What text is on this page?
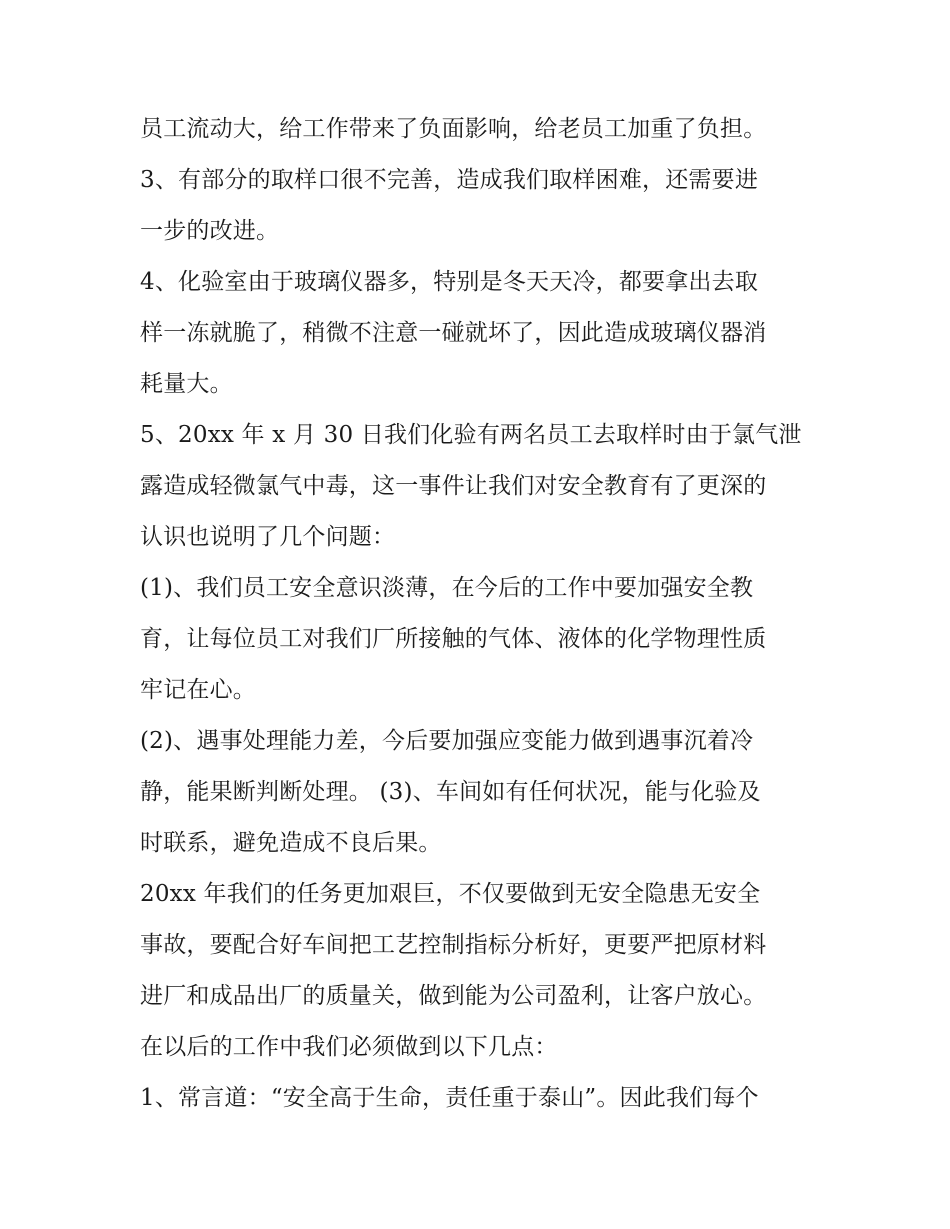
员工流动大，给工作带来了负面影响，给老员工加重了负担。
3、有部分的取样口很不完善，造成我们取样困难，还需要进
一步的改进。
4、化验室由于玻璃仪器多，特别是冬天天冷，都要拿出去取
样一冻就脆了，稍微不注意一碰就坏了，因此造成玻璃仪器消
耗量大。
5、20xx 年 x 月 30 日我们化验有两名员工去取样时由于氯气泄
露造成轻微氯气中毒，这一事件让我们对安全教育有了更深的
认识也说明了几个问题：
(1)、我们员工安全意识淡薄，在今后的工作中要加强安全教
育，让每位员工对我们厂所接触的气体、液体的化学物理性质
牢记在心。
(2)、遇事处理能力差，今后要加强应变能力做到遇事沉着冷
静，能果断判断处理。 (3)、车间如有任何状况，能与化验及
时联系，避免造成不良后果。
20xx 年我们的任务更加艰巨，不仅要做到无安全隐患无安全
事故，要配合好车间把工艺控制指标分析好，更要严把原材料
进厂和成品出厂的质量关，做到能为公司盈利，让客户放心。
在以后的工作中我们必须做到以下几点：
1、常言道：“安全高于生命，责任重于泰山”。因此我们每个
